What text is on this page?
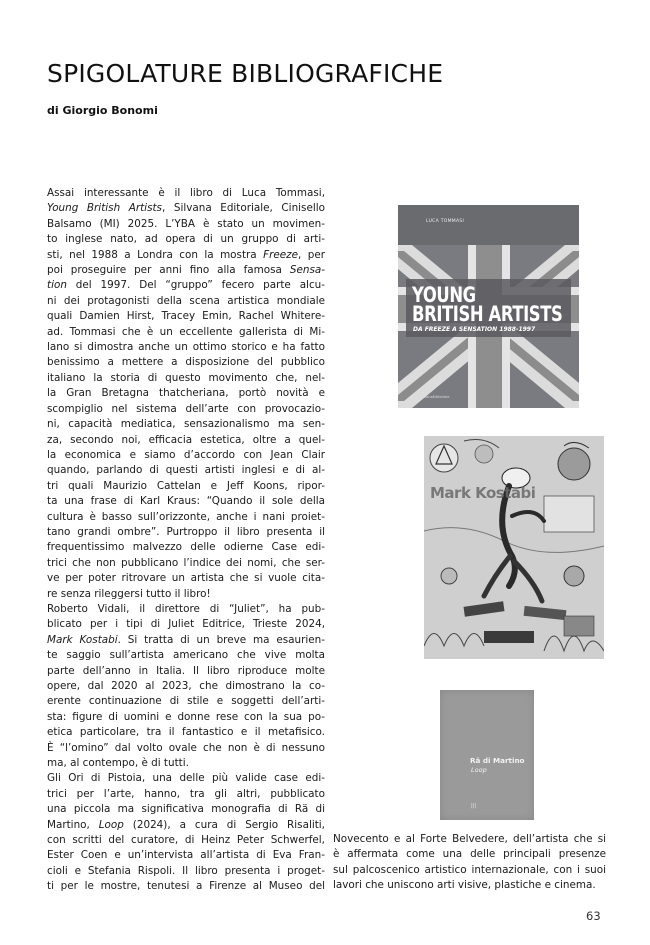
SPIGOLATURE BIBLIOGRAFICHE
di Giorgio Bonomi
Assai interessante è il libro di Luca Tommasi,
Young British Artists, Silvana Editoriale, Cinisello
Balsamo (MI) 2025. L’YBA è stato un movimen-
to inglese nato, ad opera di un gruppo di arti-
sti, nel 1988 a Londra con la mostra Freeze, per
poi proseguire per anni fino alla famosa Sensa-
tion del 1997. Del “gruppo” fecero parte alcu-
ni dei protagonisti della scena artistica mondiale
quali Damien Hirst, Tracey Emin, Rachel Whitere-
ad. Tommasi che è un eccellente gallerista di Mi-
lano si dimostra anche un ottimo storico e ha fatto
benissimo a mettere a disposizione del pubblico
italiano la storia di questo movimento che, nel-
la Gran Bretagna thatcheriana, portò novità e
scompiglio nel sistema dell’arte con provocazio-
ni, capacità mediatica, sensazionalismo ma sen-
za, secondo noi, efficacia estetica, oltre a quel-
la economica e siamo d’accordo con Jean Clair
quando, parlando di questi artisti inglesi e di al-
tri quali Maurizio Cattelan e Jeff Koons, ripor-
ta una frase di Karl Kraus: “Quando il sole della
cultura è basso sull’orizzonte, anche i nani proiet-
tano grandi ombre”. Purtroppo il libro presenta il
frequentissimo malvezzo delle odierne Case edi-
trici che non pubblicano l’indice dei nomi, che ser-
ve per poter ritrovare un artista che si vuole cita-
re senza rileggersi tutto il libro!
Roberto Vidali, il direttore di “Juliet”, ha pub-
blicato per i tipi di Juliet Editrice, Trieste 2024,
Mark Kostabi. Si tratta di un breve ma esaurien-
te saggio sull’artista americano che vive molta
parte dell’anno in Italia. Il libro riproduce molte
opere, dal 2020 al 2023, che dimostrano la co-
erente continuazione di stile e soggetti dell’arti-
sta: figure di uomini e donne rese con la sua po-
etica particolare, tra il fantastico e il metafisico.
È “l’omino” dal volto ovale che non è di nessuno
ma, al contempo, è di tutti.
Gli Ori di Pistoia, una delle più valide case edi-
trici per l’arte, hanno, tra gli altri, pubblicato
una piccola ma significativa monografia di Rä di
Martino, Loop (2024), a cura di Sergio Risaliti,
con scritti del curatore, di Heinz Peter Schwerfel,
Ester Coen e un’intervista all’artista di Eva Fran-
cioli e Stefania Rispoli. Il libro presenta i proget-
ti per le mostre, tenutesi a Firenze al Museo del
Novecento e al Forte Belvedere, dell’artista che si
è affermata come una delle principali presenze
sul palcoscenico artistico internazionale, con i suoi
lavori che uniscono arti visive, plastiche e cinema.
LUCA TOMMASI
YOUNG
BRITISH ARTISTS
DA FREEZE A SENSATION 1988-1997
SilvanaEditoriale
Mark Kostabi
Rä di Martino
Loop
|||
63
